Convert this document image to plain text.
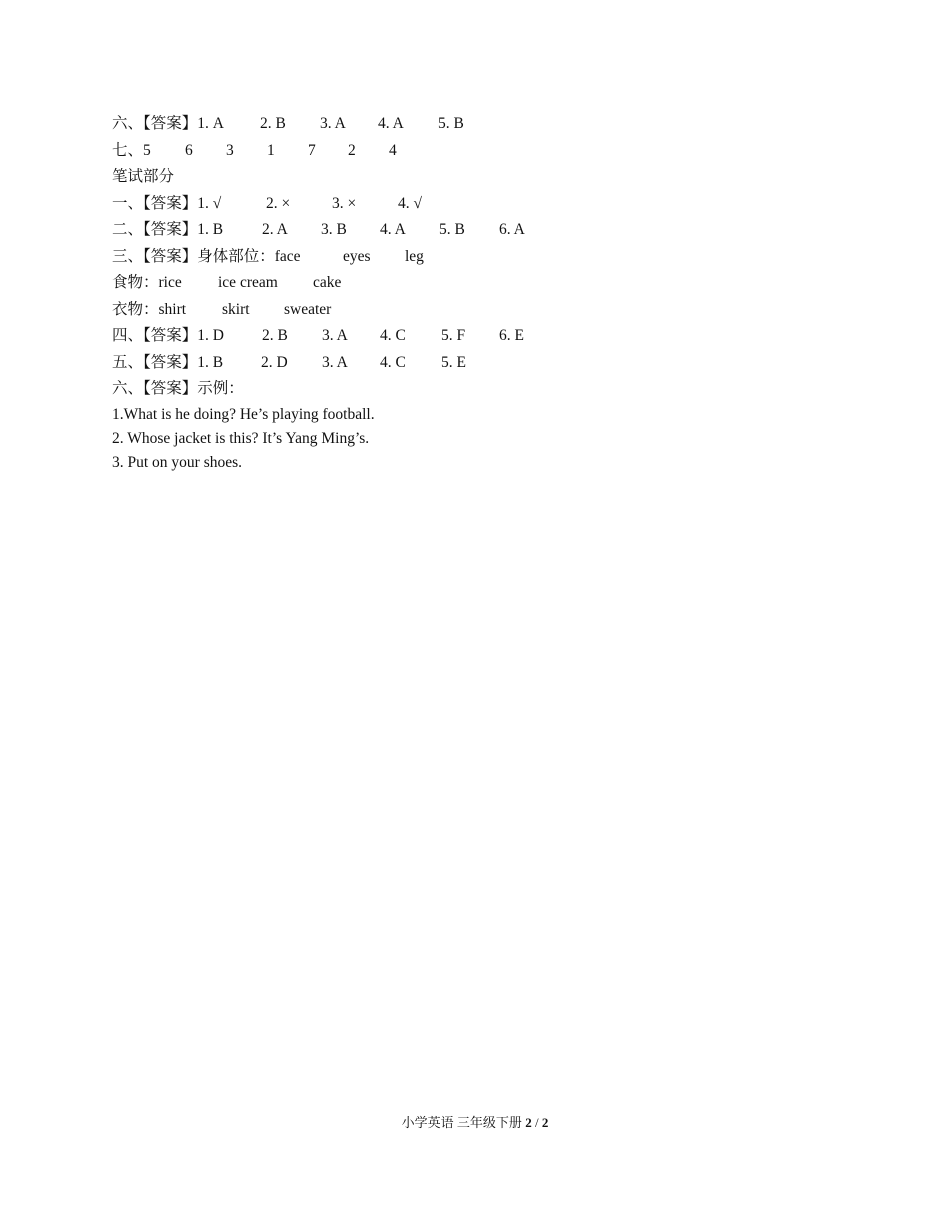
六、【答案】1. A 2. B 3. A 4. A 5. B
七、5 6 3 1 7 2 4
笔试部分
一、【答案】1. √	2. ×	3. ×	4. √
二、【答案】1. B	2. A 3. B 4. A 5. B 6. A
三、【答案】身体部位：face	eyes leg
食物：rice ice cream cake
衣物：shirt skirt sweater
四、【答案】1. D 2. B 3. A 4. C 5. F 6. E
五、【答案】1. B 2. D 3. A 4. C 5. E
六、【答案】示例：
1.What is he doing? He’s playing football.
2. Whose jacket is this? It’s Yang Ming’s.
3. Put on your shoes.
小学英语 三年级下册 2 / 2
